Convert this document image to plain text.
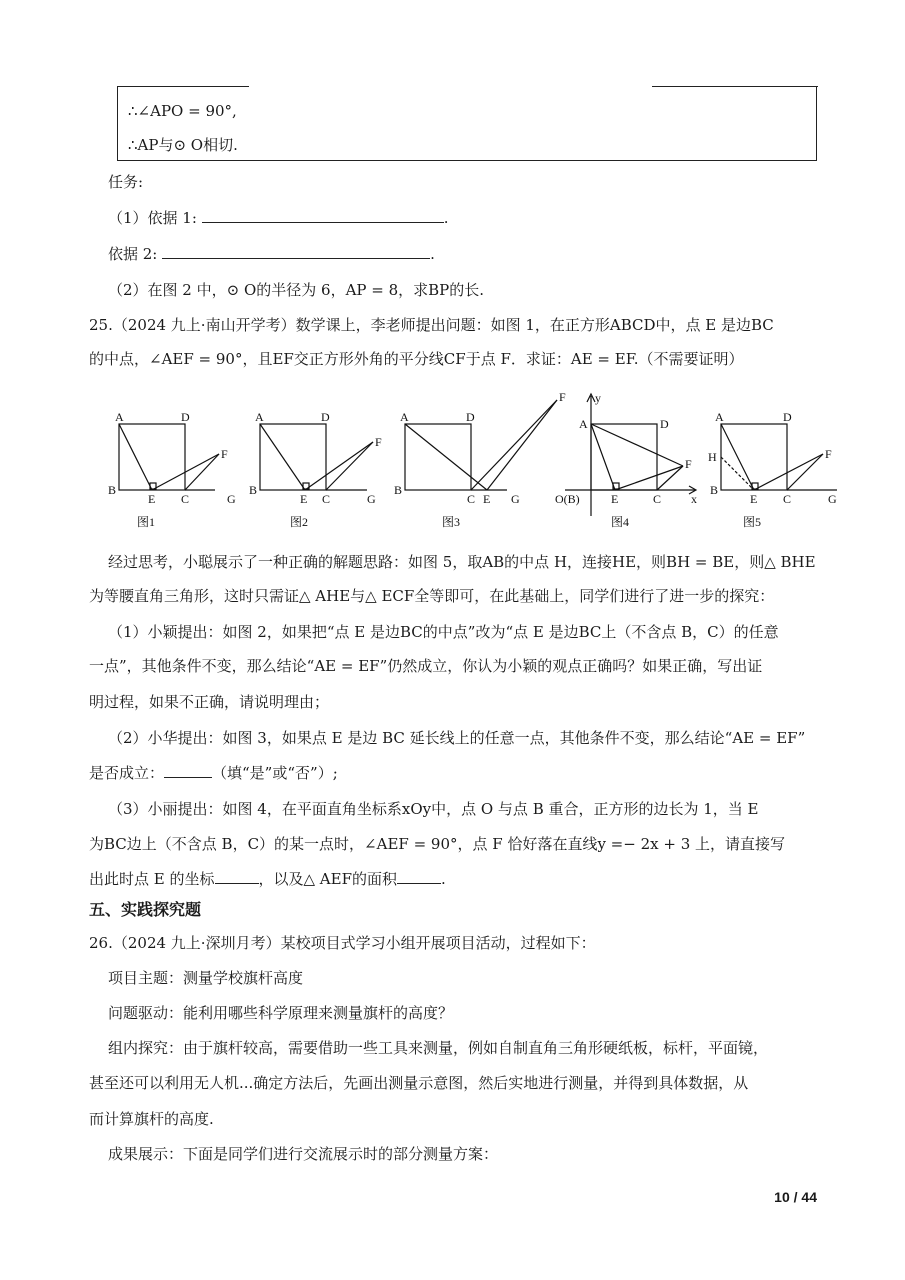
∴∠APO = 90°,
∴AP与⊙ O相切.
任务:
（1）依据 1:	.
依据 2:	.
（2）在图 2 中，⊙ O的半径为 6，AP = 8，求BP的长.
25.（2024 九上·南山开学考）数学课上，李老师提出问题：如图 1，在正方形ABCD中，点 E 是边BC
的中点，∠AEF = 90°，且EF交正方形外角的平分线CF于点 F．求证：AE = EF.（不需要证明）
A	D
B
E C
F
G
图1
A	D
B
E C
F
G
图2
A	D
B
C E
F
G
图3
y
A	D
O(B)	E	C
F
x
图4
A	D
H
B
E C
F
G
图5
经过思考，小聪展示了一种正确的解题思路：如图 5，取AB的中点 H，连接HE，则BH = BE，则△ BHE
为等腰直角三角形，这时只需证△ AHE与△ ECF全等即可，在此基础上，同学们进行了进一步的探究：
（1）小颖提出：如图 2，如果把“点 E 是边BC的中点”改为“点 E 是边BC上（不含点 B，C）的任意
一点”，其他条件不变，那么结论“AE = EF”仍然成立，你认为小颖的观点正确吗？如果正确，写出证
明过程，如果不正确，请说明理由；
（2）小华提出：如图 3，如果点 E 是边 BC 延长线上的任意一点，其他条件不变，那么结论“AE = EF”
是否成立：	（填“是”或“否”）;
（3）小丽提出：如图 4，在平面直角坐标系xOy中，点 O 与点 B 重合，正方形的边长为 1，当 E
为BC边上（不含点 B，C）的某一点时，∠AEF = 90°，点 F 恰好落在直线y =− 2x + 3 上，请直接写
出此时点 E 的坐标	，以及△ AEF的面积	.
五、实践探究题
26.（2024 九上·深圳月考）某校项目式学习小组开展项目活动，过程如下：
项目主题：测量学校旗杆高度
问题驱动：能利用哪些科学原理来测量旗杆的高度？
组内探究：由于旗杆较高，需要借助一些工具来测量，例如自制直角三角形硬纸板，标杆，平面镜，
甚至还可以利用无人机...确定方法后，先画出测量示意图，然后实地进行测量，并得到具体数据，从
而计算旗杆的高度.
成果展示：下面是同学们进行交流展示时的部分测量方案：
10 / 44
